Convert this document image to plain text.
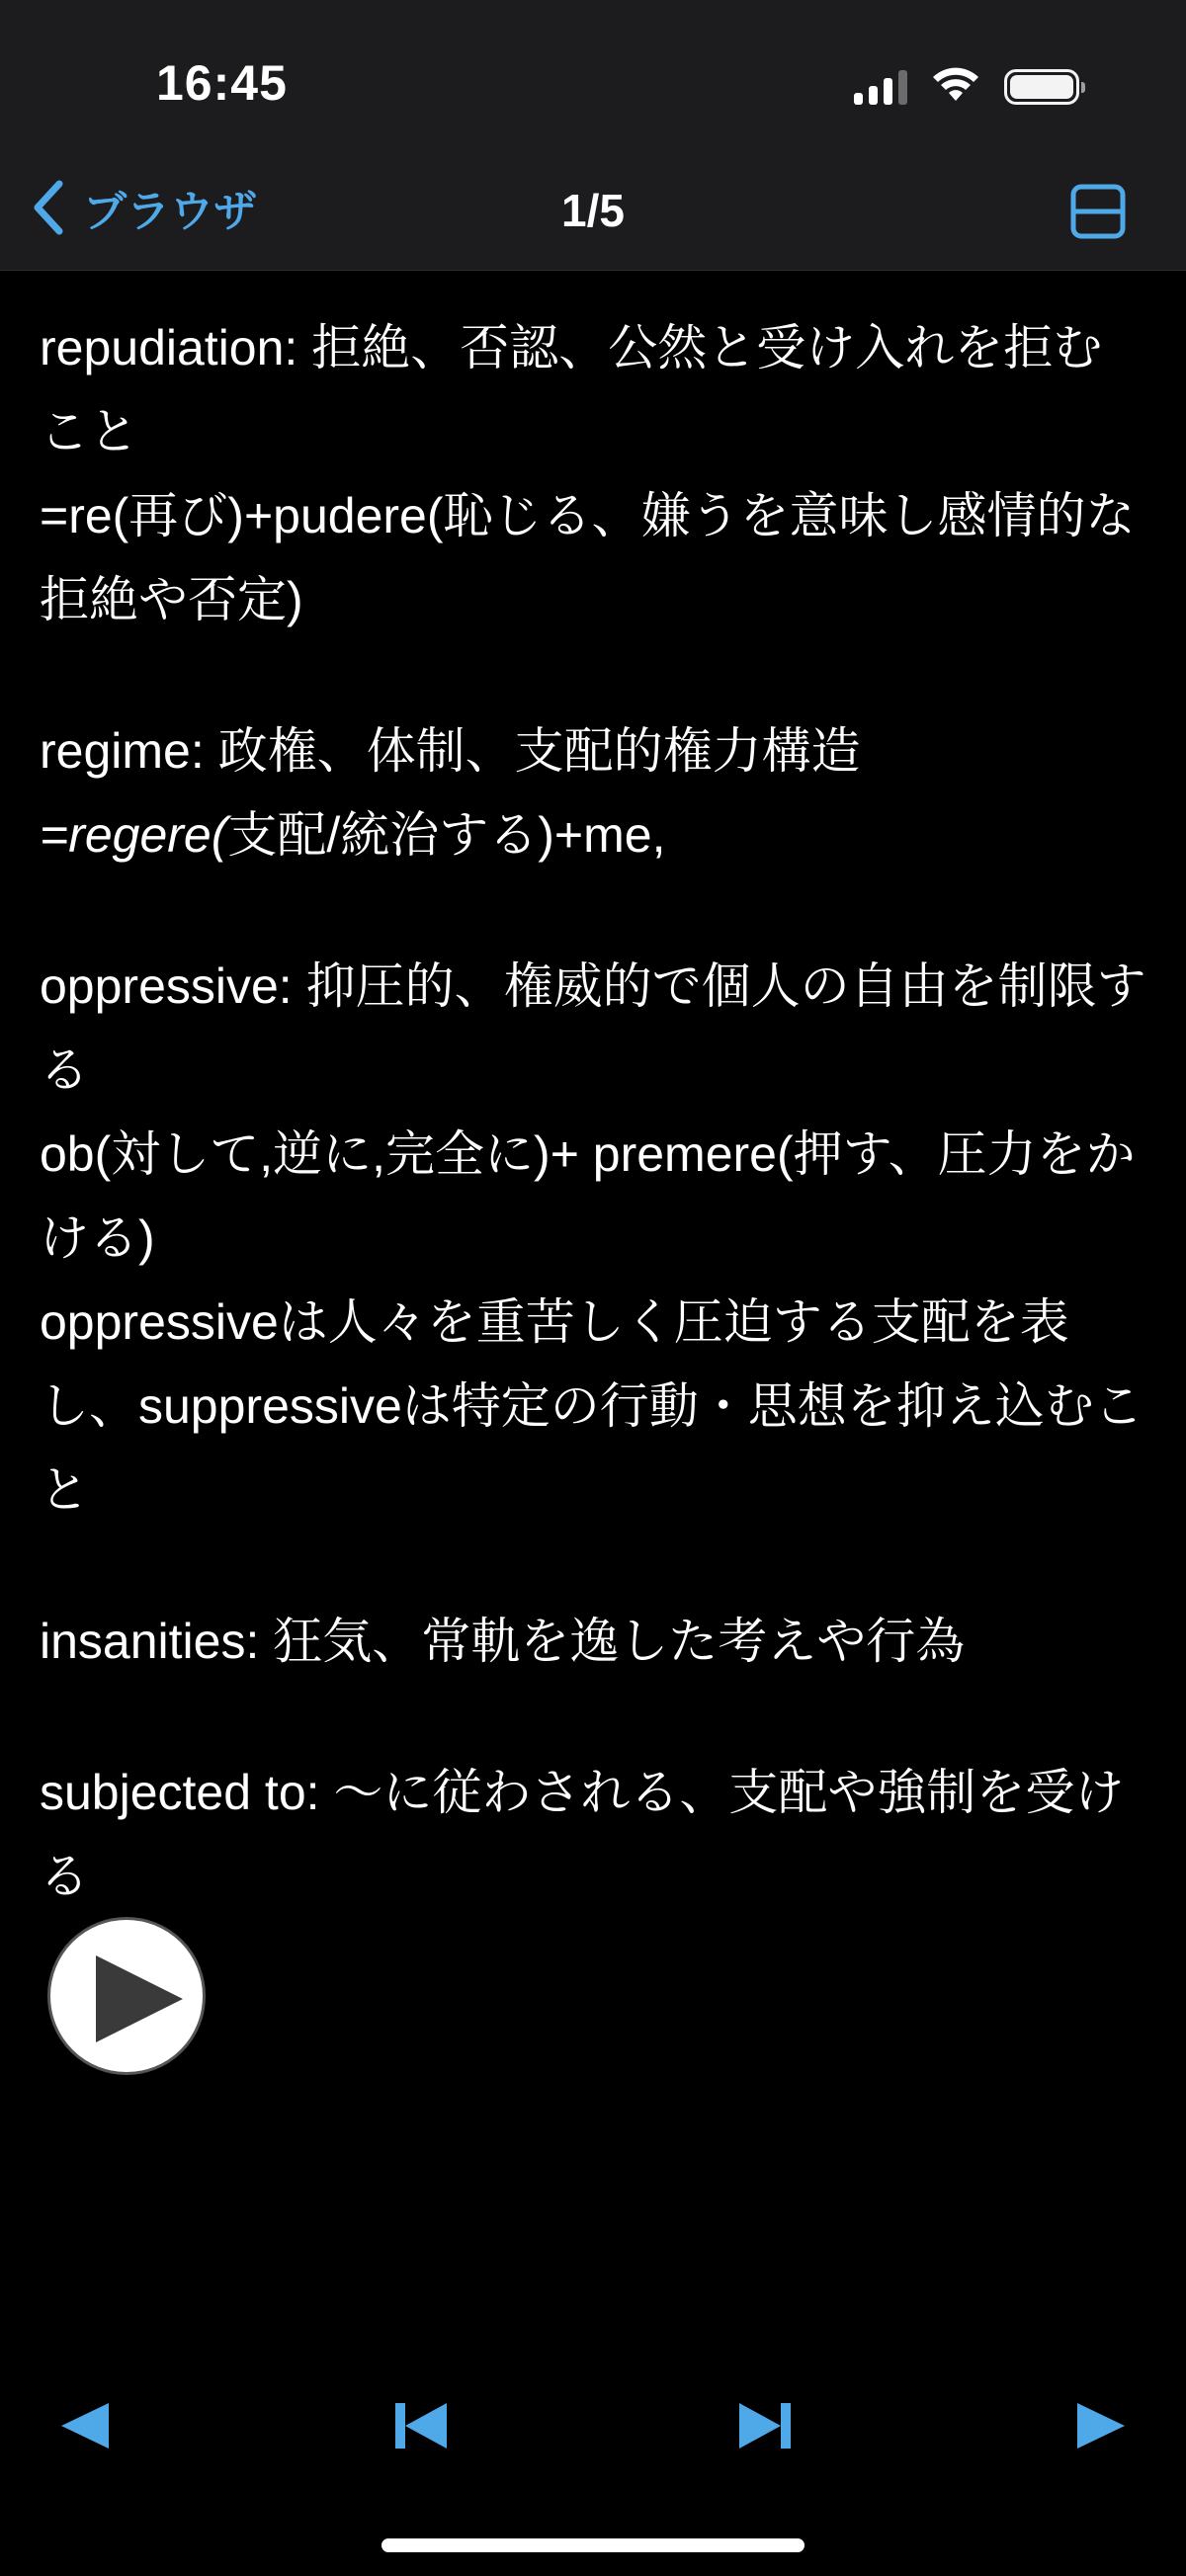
16:45
ブラウザ	1/5

repudiation: 拒絶、否認、公然と受け入れを拒むこと

=re(再び)+pudere(恥じる、嫌うを意味し感情的な拒絶や否定)

regime: 政権、体制、支配的権力構造

=regere(支配/統治する)+me,

oppressive: 抑圧的、権威的で個人の自由を制限する

ob(対して,逆に,完全に)+ premere(押す、圧力をかける)

oppressiveは人々を重苦しく圧迫する支配を表し、suppressiveは特定の行動・思想を抑え込むこと

insanities: 狂気、常軌を逸した考えや行為

subjected to: ～に従わされる、支配や強制を受ける
